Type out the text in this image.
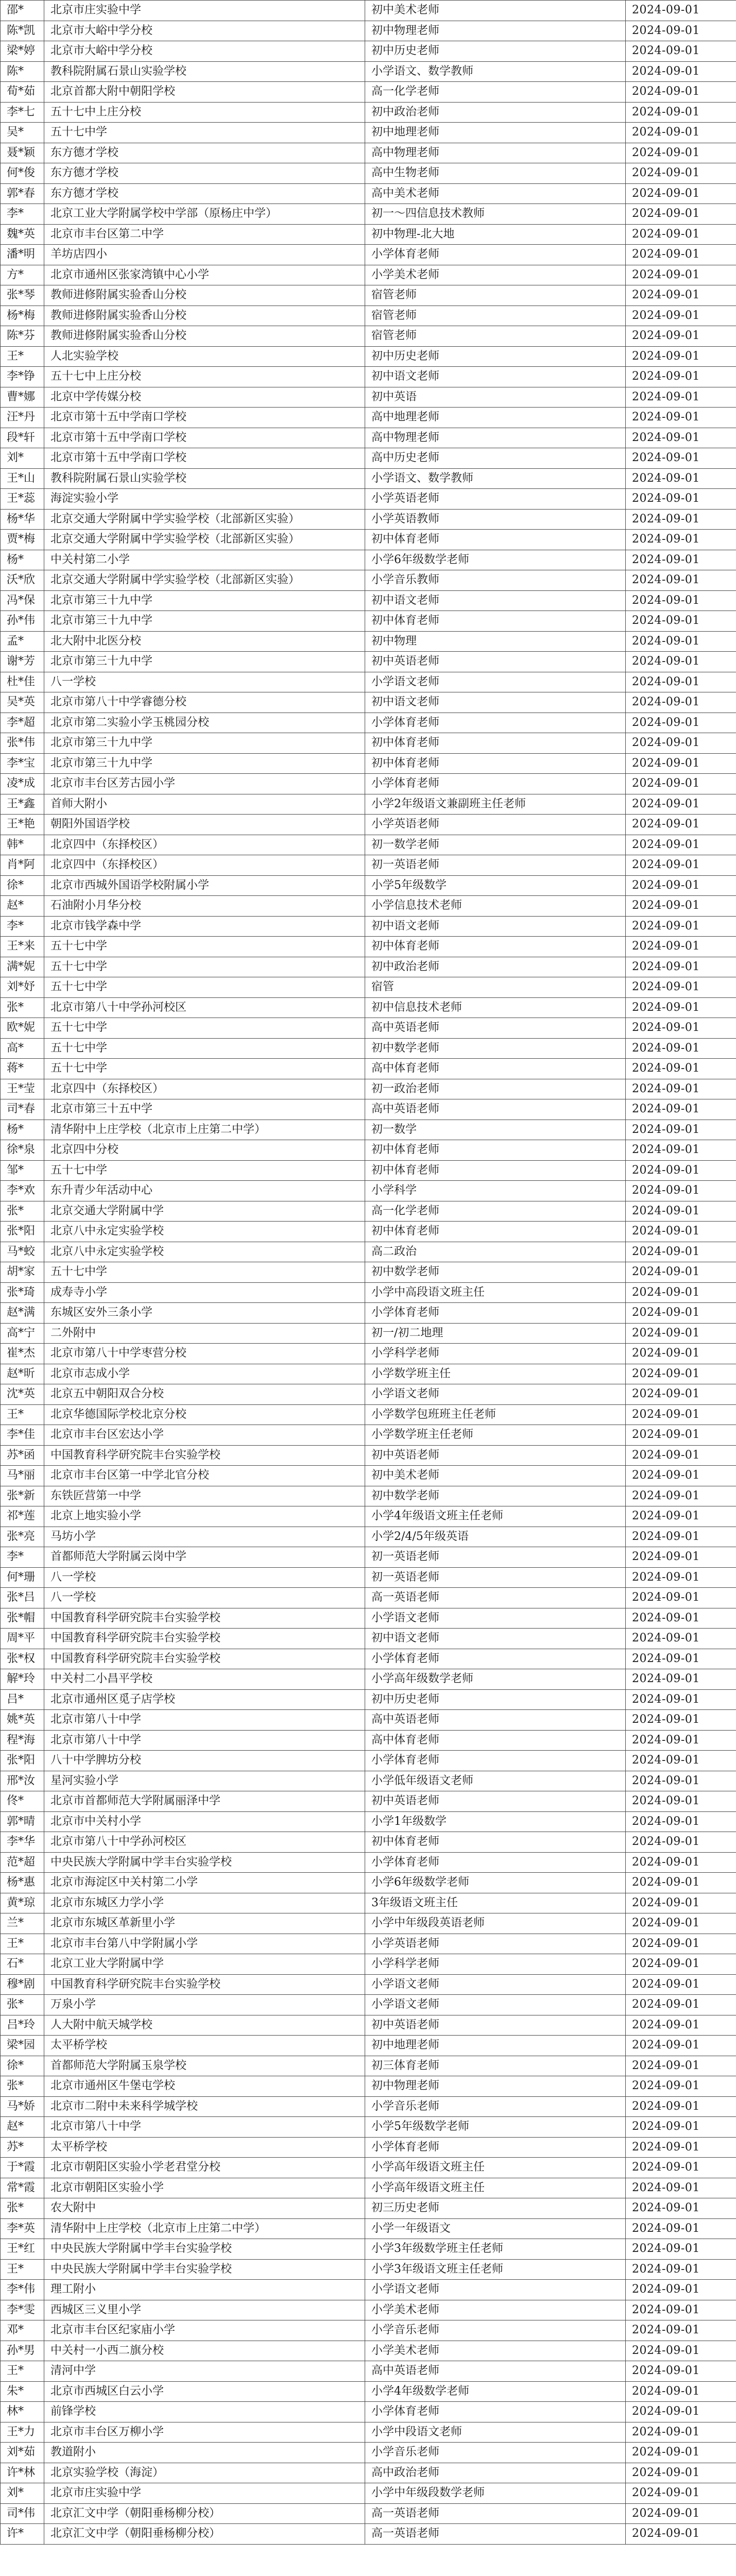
邵*	北京市庄实验中学	初中美术老师	2024-09-01
陈*凯	北京市大峪中学分校	初中物理老师	2024-09-01
梁*婷	北京市大峪中学分校	初中历史老师	2024-09-01
陈*	教科院附属石景山实验学校	小学语文、数学教师	2024-09-01
荀*茹	北京首都大附中朝阳学校	高一化学老师	2024-09-01
李*七	五十七中上庄分校	初中政治老师	2024-09-01
吴*	五十七中学	初中地理老师	2024-09-01
聂*颖	东方德才学校	高中物理老师	2024-09-01
何*俊	东方德才学校	高中生物老师	2024-09-01
郭*春	东方德才学校	高中美术老师	2024-09-01
李*	北京工业大学附属学校中学部（原杨庄中学）	初一～四信息技术教师	2024-09-01
魏*英	北京市丰台区第二中学	初中物理-北大地	2024-09-01
潘*明	羊坊店四小	小学体育老师	2024-09-01
方*	北京市通州区张家湾镇中心小学	小学美术老师	2024-09-01
张*琴	教师进修附属实验香山分校	宿管老师	2024-09-01
杨*梅	教师进修附属实验香山分校	宿管老师	2024-09-01
陈*芬	教师进修附属实验香山分校	宿管老师	2024-09-01
王*	人北实验学校	初中历史老师	2024-09-01
李*铮	五十七中上庄分校	初中语文老师	2024-09-01
曹*娜	北京中学传媒分校	初中英语	2024-09-01
汪*丹	北京市第十五中学南口学校	高中地理老师	2024-09-01
段*轩	北京市第十五中学南口学校	高中物理老师	2024-09-01
刘*	北京市第十五中学南口学校	高中历史老师	2024-09-01
王*山	教科院附属石景山实验学校	小学语文、数学教师	2024-09-01
王*蕊	海淀实验小学	小学英语老师	2024-09-01
杨*华	北京交通大学附属中学实验学校（北部新区实验）	小学英语教师	2024-09-01
贾*梅	北京交通大学附属中学实验学校（北部新区实验）	初中体育老师	2024-09-01
杨*	中关村第二小学	小学6年级数学老师	2024-09-01
沃*欣	北京交通大学附属中学实验学校（北部新区实验）	小学音乐教师	2024-09-01
冯*保	北京市第三十九中学	初中语文老师	2024-09-01
孙*伟	北京市第三十九中学	初中体育老师	2024-09-01
孟*	北大附中北医分校	初中物理	2024-09-01
谢*芳	北京市第三十九中学	初中英语老师	2024-09-01
杜*佳	八一学校	小学语文老师	2024-09-01
吴*英	北京市第八十中学睿德分校	初中语文老师	2024-09-01
李*超	北京市第二实验小学玉桃园分校	小学体育老师	2024-09-01
张*伟	北京市第三十九中学	初中体育老师	2024-09-01
李*宝	北京市第三十九中学	初中体育老师	2024-09-01
凌*成	北京市丰台区芳古园小学	小学体育老师	2024-09-01
王*鑫	首师大附小	小学2年级语文兼副班主任老师	2024-09-01
王*艳	朝阳外国语学校	小学英语老师	2024-09-01
韩*	北京四中（东择校区）	初一数学老师	2024-09-01
肖*阿	北京四中（东择校区）	初一英语老师	2024-09-01
徐*	北京市西城外国语学校附属小学	小学5年级数学	2024-09-01
赵*	石油附小月华分校	小学信息技术老师	2024-09-01
李*	北京市钱学森中学	初中语文老师	2024-09-01
王*来	五十七中学	初中体育老师	2024-09-01
满*妮	五十七中学	初中政治老师	2024-09-01
刘*妤	五十七中学	宿管	2024-09-01
张*	北京市第八十中学孙河校区	初中信息技术老师	2024-09-01
欧*妮	五十七中学	高中英语老师	2024-09-01
高*	五十七中学	初中数学老师	2024-09-01
蒋*	五十七中学	高中体育老师	2024-09-01
王*莹	北京四中（东择校区）	初一政治老师	2024-09-01
司*春	北京市第三十五中学	高中英语老师	2024-09-01
杨*	清华附中上庄学校（北京市上庄第二中学）	初一数学	2024-09-01
徐*泉	北京四中分校	初中体育老师	2024-09-01
邹*	五十七中学	初中体育老师	2024-09-01
李*欢	东升青少年活动中心	小学科学	2024-09-01
张*	北京交通大学附属中学	高一化学老师	2024-09-01
张*阳	北京八中永定实验学校	初中体育老师	2024-09-01
马*蛟	北京八中永定实验学校	高二政治	2024-09-01
胡*家	五十七中学	初中数学老师	2024-09-01
张*琦	成寿寺小学	小学中高段语文班主任	2024-09-01
赵*满	东城区安外三条小学	小学体育老师	2024-09-01
高*宁	二外附中	初一/初二地理	2024-09-01
崔*杰	北京市第八十中学枣营分校	小学科学老师	2024-09-01
赵*昕	北京市志成小学	小学数学班主任	2024-09-01
沈*英	北京五中朝阳双合分校	小学语文老师	2024-09-01
王*	北京华德国际学校北京分校	小学数学包班班主任老师	2024-09-01
李*佳	北京市丰台区宏达小学	小学数学班主任老师	2024-09-01
苏*函	中国教育科学研究院丰台实验学校	初中英语老师	2024-09-01
马*丽	北京市丰台区第一中学北官分校	初中美术老师	2024-09-01
张*新	东铁匠营第一中学	初中数学老师	2024-09-01
祁*莲	北京上地实验小学	小学4年级语文班主任老师	2024-09-01
张*亮	马坊小学	小学2/4/5年级英语	2024-09-01
李*	首都师范大学附属云岗中学	初一英语老师	2024-09-01
何*珊	八一学校	初一英语老师	2024-09-01
张*吕	八一学校	高一英语老师	2024-09-01
张*帽	中国教育科学研究院丰台实验学校	小学语文老师	2024-09-01
周*平	中国教育科学研究院丰台实验学校	初中语文老师	2024-09-01
张*权	中国教育科学研究院丰台实验学校	小学体育老师	2024-09-01
解*玲	中关村二小昌平学校	小学高年级数学老师	2024-09-01
吕*	北京市通州区觅子店学校	初中历史老师	2024-09-01
姚*英	北京市第八十中学	高中英语老师	2024-09-01
程*海	北京市第八十中学	高中体育老师	2024-09-01
张*阳	八十中学脾坊分校	小学体育老师	2024-09-01
邢*汝	星河实验小学	小学低年级语文老师	2024-09-01
佟*	北京市首都师范大学附属丽泽中学	初中英语老师	2024-09-01
郭*晴	北京市中关村小学	小学1年级数学	2024-09-01
李*华	北京市第八十中学孙河校区	初中体育老师	2024-09-01
范*超	中央民族大学附属中学丰台实验学校	小学体育老师	2024-09-01
杨*惠	北京市海淀区中关村第二小学	小学6年级数学老师	2024-09-01
黄*琼	北京市东城区力学小学	3年级语文班主任	2024-09-01
兰*	北京市东城区革新里小学	小学中年级段英语老师	2024-09-01
王*	北京市丰台第八中学附属小学	小学英语老师	2024-09-01
石*	北京工业大学附属中学	小学科学老师	2024-09-01
穆*剧	中国教育科学研究院丰台实验学校	小学语文老师	2024-09-01
张*	万泉小学	小学语文老师	2024-09-01
吕*玲	人大附中航天城学校	初中英语老师	2024-09-01
梁*园	太平桥学校	初中地理老师	2024-09-01
徐*	首都师范大学附属玉泉学校	初三体育老师	2024-09-01
张*	北京市通州区牛堡屯学校	初中物理老师	2024-09-01
马*娇	北京市二附中未来科学城学校	小学音乐老师	2024-09-01
赵*	北京市第八十中学	小学5年级数学老师	2024-09-01
苏*	太平桥学校	小学体育老师	2024-09-01
于*霞	北京市朝阳区实验小学老君堂分校	小学高年级语文班主任	2024-09-01
常*霞	北京市朝阳区实验小学	小学高年级语文班主任	2024-09-01
张*	农大附中	初三历史老师	2024-09-01
李*英	清华附中上庄学校（北京市上庄第二中学）	小学一年级语文	2024-09-01
王*红	中央民族大学附属中学丰台实验学校	小学3年级数学班主任老师	2024-09-01
王*	中央民族大学附属中学丰台实验学校	小学3年级语文班主任老师	2024-09-01
李*伟	理工附小	小学语文老师	2024-09-01
李*雯	西城区三义里小学	小学美术老师	2024-09-01
邓*	北京市丰台区纪家庙小学	小学音乐老师	2024-09-01
孙*男	中关村一小西二旗分校	小学美术老师	2024-09-01
王*	清河中学	高中英语老师	2024-09-01
朱*	北京市西城区白云小学	小学4年级数学老师	2024-09-01
林*	前锋学校	小学体育老师	2024-09-01
王*力	北京市丰台区万柳小学	小学中段语文老师	2024-09-01
刘*茹	教道附小	小学音乐老师	2024-09-01
许*林	北京实验学校（海淀）	高中政治老师	2024-09-01
刘*	北京市庄实验中学	小学中年级段数学老师	2024-09-01
司*伟	北京汇文中学（朝阳垂杨柳分校）	高一英语老师	2024-09-01
许*	北京汇文中学（朝阳垂杨柳分校）	高一英语老师	2024-09-01
